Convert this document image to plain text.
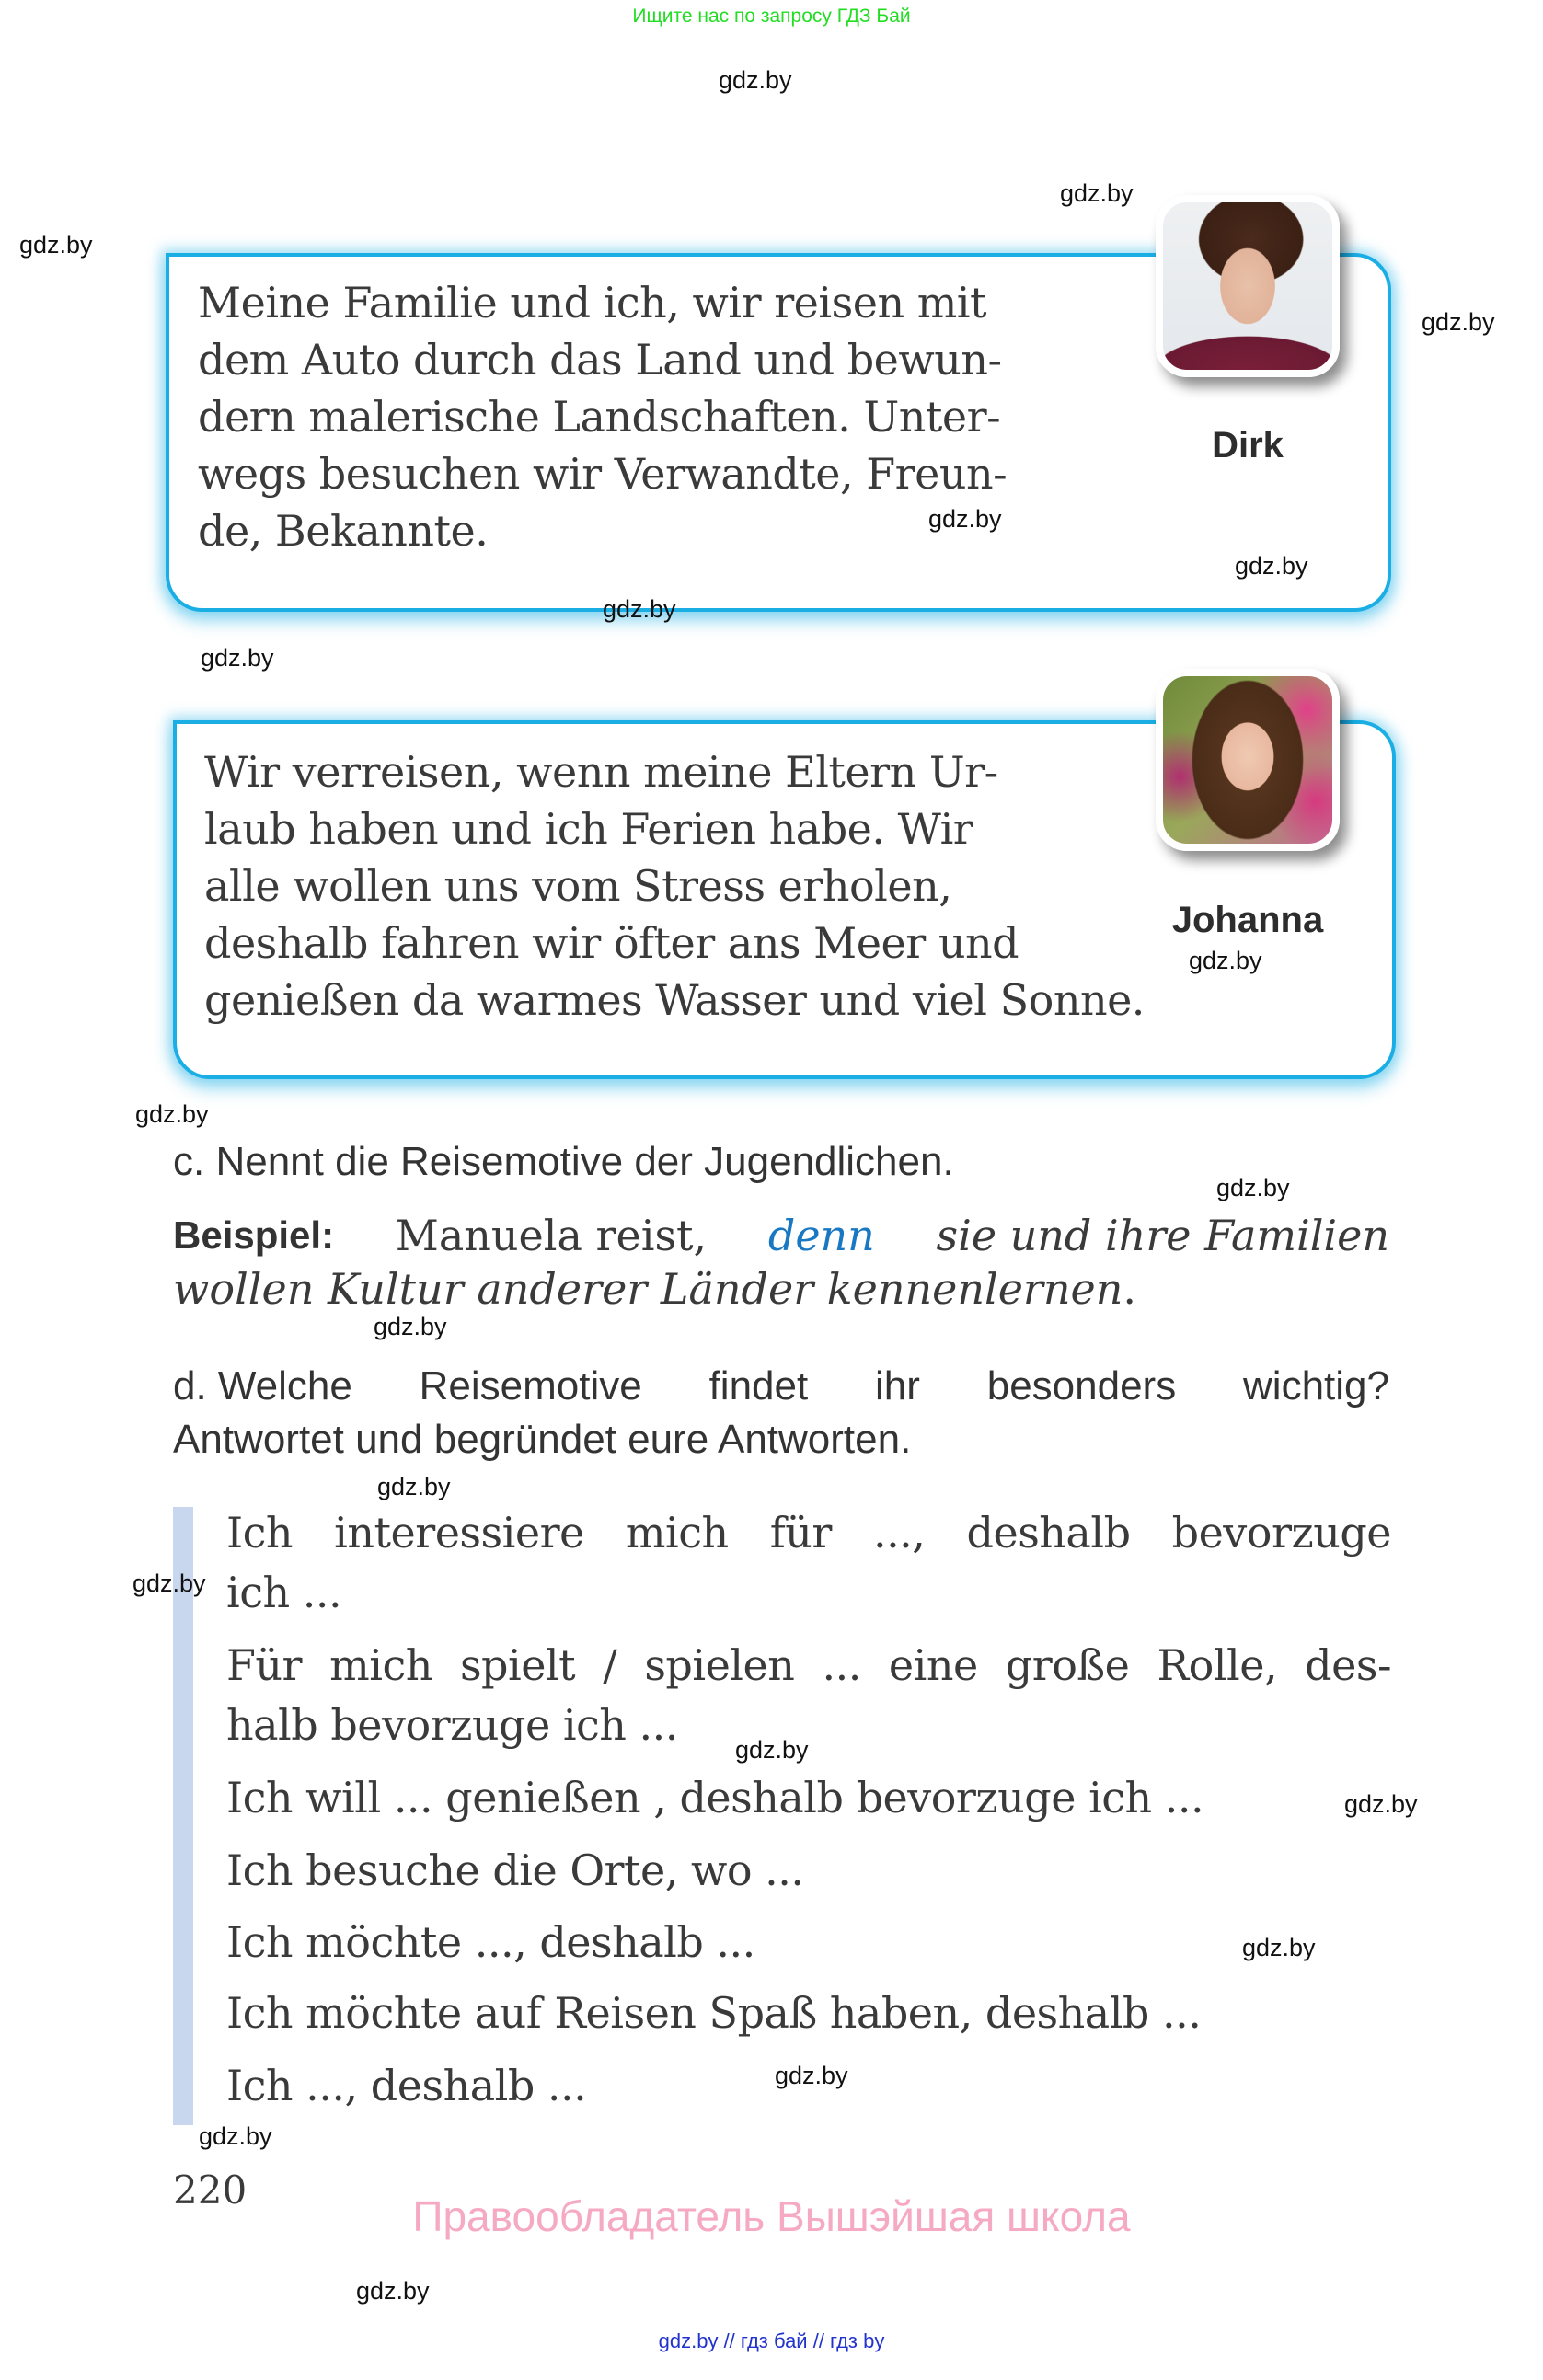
Ищите нас по запросу ГДЗ Бай
Meine Familie und ich, wir reisen mit
dem Auto durch das Land und bewun-
dern malerische Landschaften. Unter-
wegs besuchen wir Verwandte, Freun-
de, Bekannte.
Dirk
Wir verreisen, wenn meine Eltern Ur-
laub haben und ich Ferien habe. Wir
alle wollen uns vom Stress erholen,
deshalb fahren wir öfter ans Meer und
genießen da warmes Wasser und viel Sonne.
Johanna
c. Nennt die Reisemotive der Jugendlichen.
Beispiel: Manuela reist, denn sie und ihre Familien
wollen Kultur anderer Länder kennenlernen.
d. Welche Reisemotive findet ihr besonders wichtig?
Antwortet und begründet eure Antworten.
Ich interessiere mich für ..., deshalb bevorzuge
ich ...
Für mich spielt / spielen ... eine große Rolle, des-
halb bevorzuge ich ...
Ich will ... genießen , deshalb bevorzuge ich ...
Ich besuche die Orte, wo ...
Ich möchte ..., deshalb ...
Ich möchte auf Reisen Spaß haben, deshalb ...
Ich ..., deshalb ...
220
Правообладатель Вышэйшая школа
gdz.by // гдз бай // гдз by
gdz.by
gdz.by
gdz.by
gdz.by
gdz.by
gdz.by
gdz.by
gdz.by
gdz.by
gdz.by
gdz.by
gdz.by
gdz.by
gdz.by
gdz.by
gdz.by
gdz.by
gdz.by
gdz.by
gdz.by
